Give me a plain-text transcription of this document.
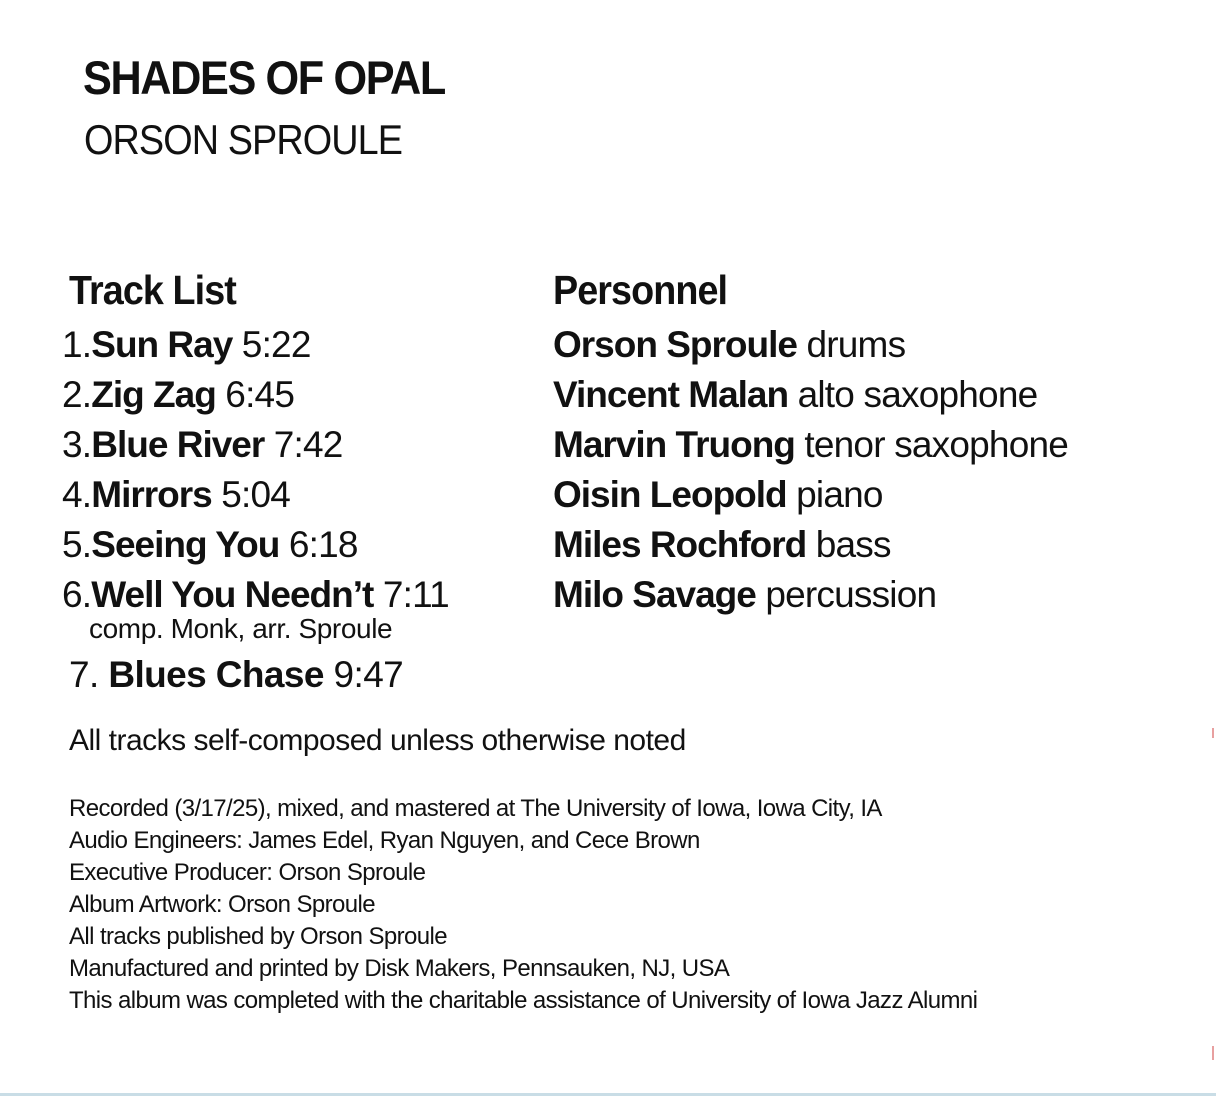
SHADES OF OPAL
ORSON SPROULE
Track List	Personnel
1.Sun Ray 5:22
2.Zig Zag 6:45
3.Blue River 7:42
4.Mirrors 5:04
5.Seeing You 6:18
6.Well You Needn’t 7:11
comp. Monk, arr. Sproule
7. Blues Chase 9:47
Orson Sproule drums
Vincent Malan alto saxophone
Marvin Truong tenor saxophone
Oisin Leopold piano
Miles Rochford bass
Milo Savage percussion

All tracks self-composed unless otherwise noted

Recorded (3/17/25), mixed, and mastered at The University of Iowa, Iowa City, IA
Audio Engineers: James Edel, Ryan Nguyen, and Cece Brown
Executive Producer: Orson Sproule
Album Artwork: Orson Sproule
All tracks published by Orson Sproule
Manufactured and printed by Disk Makers, Pennsauken, NJ, USA
This album was completed with the charitable assistance of University of Iowa Jazz Alumni
